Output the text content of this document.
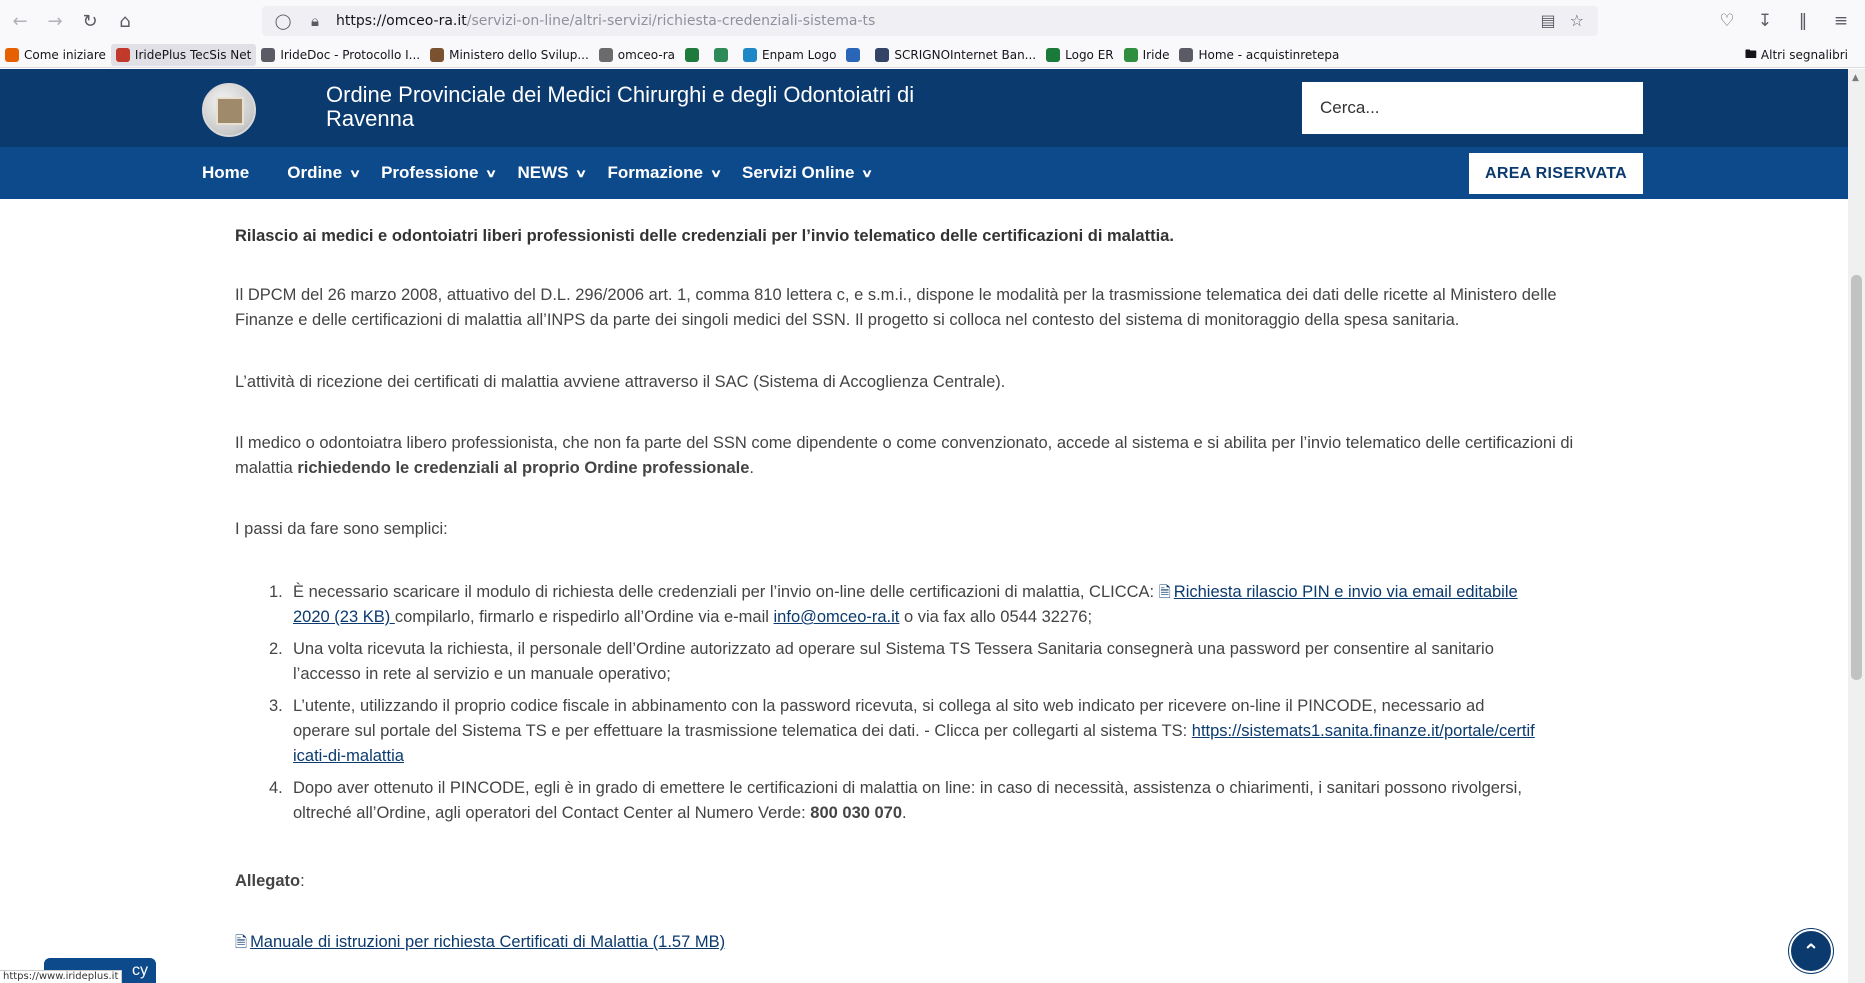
←	→	↻	⌂	◯	🔒︎	https://omceo-ra.it/servizi-on-line/altri-servizi/richiesta-credenziali-sistema-ts	▤ ☆	♡ ↧	‖	≡
Come iniziare IridePlus TecSis Net IrideDoc - Protocollo I... Ministero dello Svilup... omceo-ra	Enpam Logo	SCRIGNOInternet Ban... Logo ER Iride Home - acquistinretepa	🖿︎ Altri segnalibri
Ordine Provinciale dei Medici Chirurghi e degli Odontoiatri di Ravenna
Cerca...
Home Ordine ∨ Professione ∨ NEWS ∨ Formazione ∨ Servizi Online ∨	AREA RISERVATA

Rilascio ai medici e odontoiatri liberi professionisti delle credenziali per l’invio telematico delle certificazioni di malattia.

Il DPCM del 26 marzo 2008, attuativo del D.L. 296/2006 art. 1, comma 810 lettera c, e s.m.i., dispone le modalità per la trasmissione telematica dei dati delle ricette al Ministero delle Finanze e delle certificazioni di malattia all’INPS da parte dei singoli medici del SSN. Il progetto si colloca nel contesto del sistema di monitoraggio della spesa sanitaria.

L’attività di ricezione dei certificati di malattia avviene attraverso il SAC (Sistema di Accoglienza Centrale).

Il medico o odontoiatra libero professionista, che non fa parte del SSN come dipendente o come convenzionato, accede al sistema e si abilita per l’invio telematico delle certificazioni di malattia richiedendo le credenziali al proprio Ordine professionale.

I passi da fare sono semplici:

1. È necessario scaricare il modulo di richiesta delle credenziali per l’invio on-line delle certificazioni di malattia, CLICCA: 🗎︎ Richiesta rilascio PIN e invio via email editabile 2020 (23 KB) compilarlo, firmarlo e rispedirlo all’Ordine via e-mail info@omceo-ra.it o via fax allo 0544 32276;
2. Una volta ricevuta la richiesta, il personale dell’Ordine autorizzato ad operare sul Sistema TS Tessera Sanitaria consegnerà una password per consentire al sanitario l’accesso in rete al servizio e un manuale operativo;
3. L’utente, utilizzando il proprio codice fiscale in abbinamento con la password ricevuta, si collega al sito web indicato per ricevere on-line il PINCODE, necessario ad operare sul portale del Sistema TS e per effettuare la trasmissione telematica dei dati. - Clicca per collegarti al sistema TS: https://sistemats1.sanita.finanze.it/portale/certificati-di-malattia
4. Dopo aver ottenuto il PINCODE, egli è in grado di emettere le certificazioni di malattia on line: in caso di necessità, assistenza o chiarimenti, i sanitari possono rivolgersi, oltreché all’Ordine, agli operatori del Contact Center al Numero Verde: 800 030 070.

Allegato:

🗎︎ Manuale di istruzioni per richiesta Certificati di Malattia (1.57 MB)

▲
⌃
cy
https://www.irideplus.it
